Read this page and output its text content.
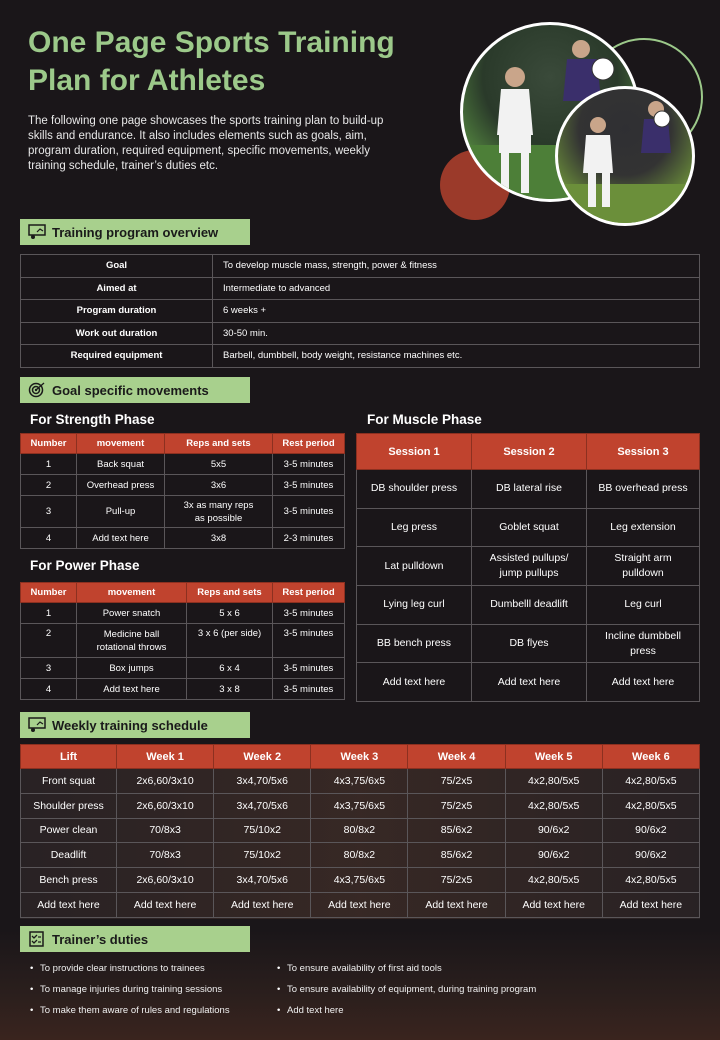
One Page Sports Training Plan for Athletes

The following one page showcases the sports training plan to build-up skills and endurance. It also includes elements such as goals, aim, program duration, required equipment, specific movements, weekly training schedule, trainer’s duties etc.

Training program overview
Goal	To develop muscle mass, strength, power & fitness
Aimed at	Intermediate to advanced
Program duration	6 weeks +
Work out duration	30-50 min.
Required equipment	Barbell, dumbbell, body weight, resistance machines etc.
Goal specific movements
For Strength Phase
Number	movement	Reps and sets	Rest period
1	Back squat	5x5	3-5 minutes
2	Overhead press	3x6	3-5 minutes
3	Pull-up	3x as many reps as possible	3-5 minutes
4	Add text here	3x8	2-3 minutes
For Power Phase
Number	movement	Reps and sets	Rest period
1	Power snatch	5 x 6	3-5 minutes
2	Medicine ball rotational throws	3 x 6 (per side)	3-5 minutes
3	Box jumps	6 x 4	3-5 minutes
4	Add text here	3 x 8	3-5 minutes
For Muscle Phase
Session 1	Session 2	Session 3
DB shoulder press	DB lateral rise	BB overhead press
Leg press	Goblet squat	Leg extension
Lat pulldown	Assisted pullups/ jump pullups	Straight arm pulldown
Lying leg curl	Dumbelll deadlift	Leg curl
BB bench press	DB flyes	Incline dumbbell press
Add text here	Add text here	Add text here
Weekly training schedule
Lift	Week 1	Week 2	Week 3	Week 4	Week 5	Week 6
Front squat	2x6,60/3x10	3x4,70/5x6	4x3,75/6x5	75/2x5	4x2,80/5x5	4x2,80/5x5
Shoulder press	2x6,60/3x10	3x4,70/5x6	4x3,75/6x5	75/2x5	4x2,80/5x5	4x2,80/5x5
Power clean	70/8x3	75/10x2	80/8x2	85/6x2	90/6x2	90/6x2
Deadlift	70/8x3	75/10x2	80/8x2	85/6x2	90/6x2	90/6x2
Bench press	2x6,60/3x10	3x4,70/5x6	4x3,75/6x5	75/2x5	4x2,80/5x5	4x2,80/5x5
Add text here	Add text here	Add text here	Add text here	Add text here	Add text here	Add text here
Trainer’s duties
• To provide clear instructions to trainees
• To manage injuries during training sessions
• To make them aware of rules and regulations
• To ensure availability of first aid tools
• To ensure availability of equipment, during training program
• Add text here
